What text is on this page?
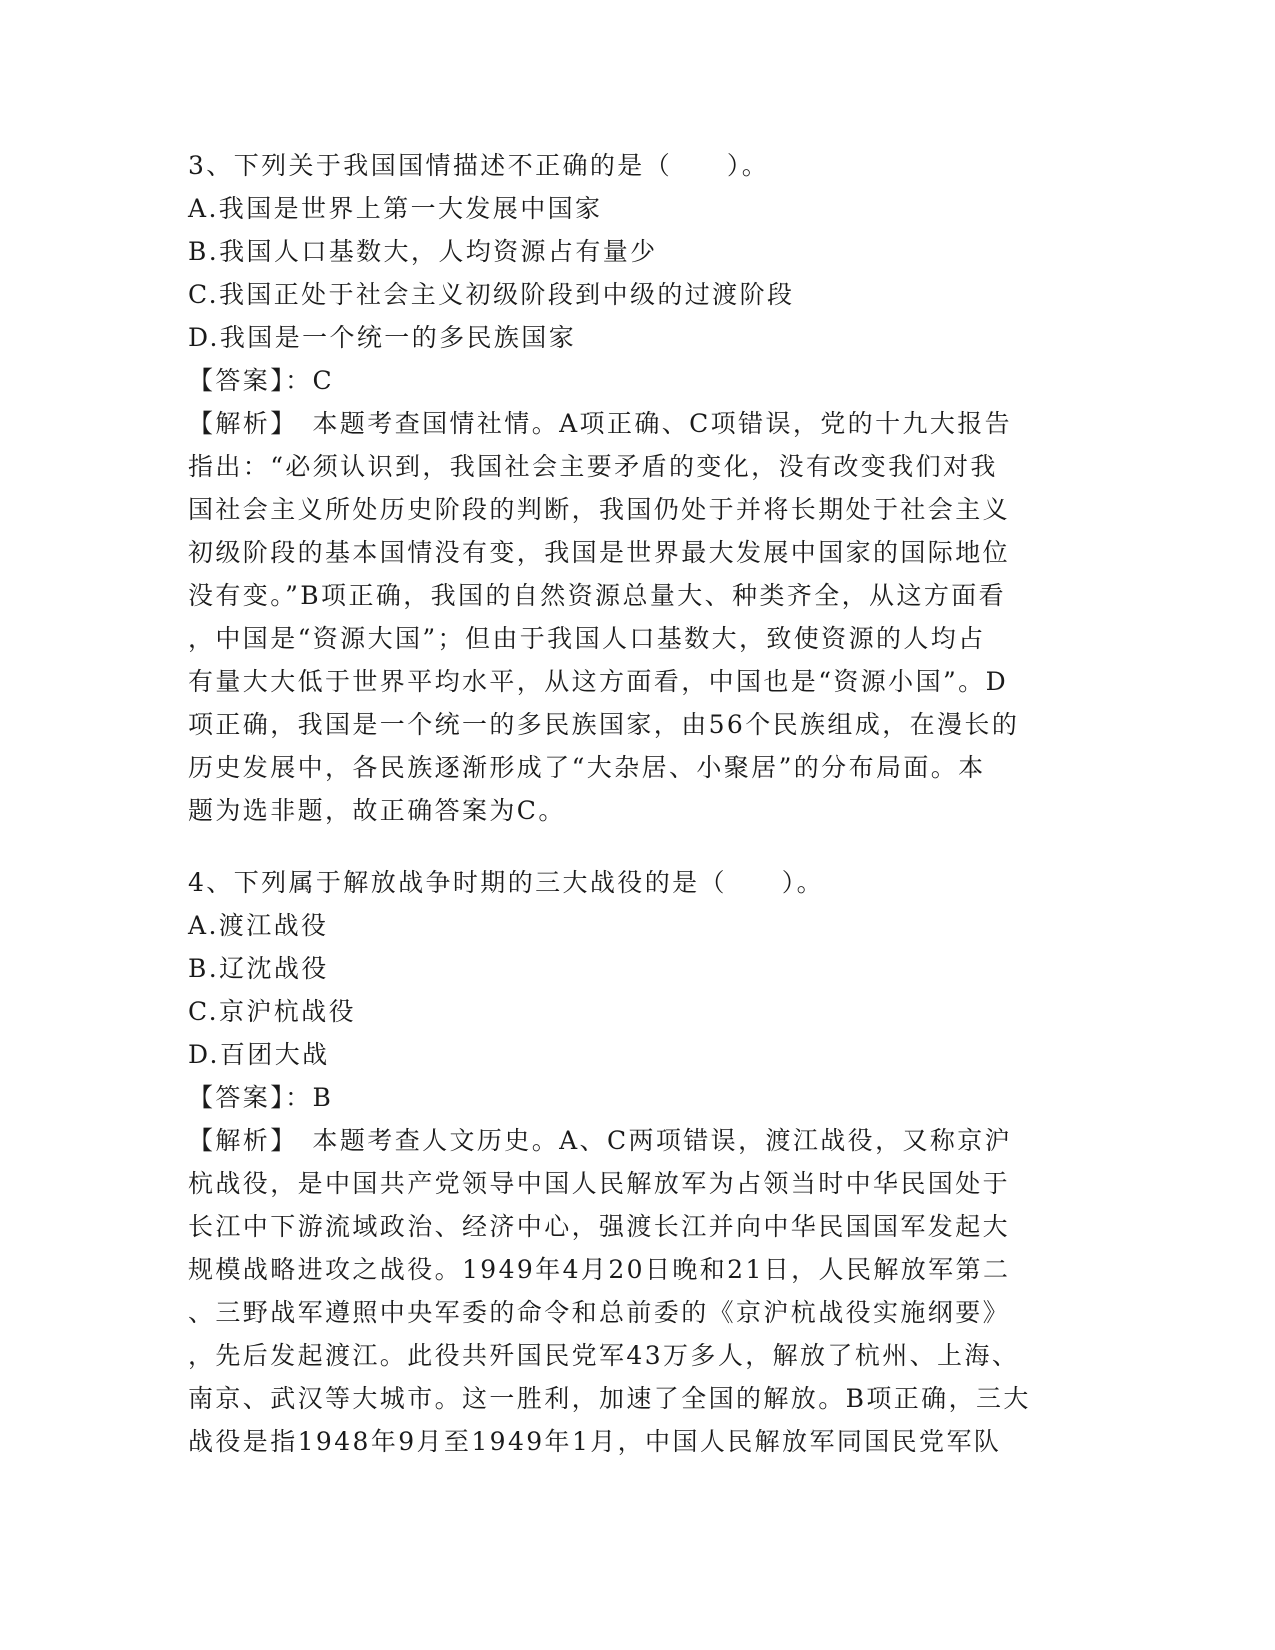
3、下列关于我国国情描述不正确的是（　　）。
A.我国是世界上第一大发展中国家
B.我国人口基数大，人均资源占有量少
C.我国正处于社会主义初级阶段到中级的过渡阶段
D.我国是一个统一的多民族国家
【答案】：C
【解析】　本题考查国情社情。A项正确、C项错误，党的十九大报告
指出：“必须认识到，我国社会主要矛盾的变化，没有改变我们对我
国社会主义所处历史阶段的判断，我国仍处于并将长期处于社会主义
初级阶段的基本国情没有变，我国是世界最大发展中国家的国际地位
没有变。”B项正确，我国的自然资源总量大、种类齐全，从这方面看
，中国是“资源大国”；但由于我国人口基数大，致使资源的人均占
有量大大低于世界平均水平，从这方面看，中国也是“资源小国”。D
项正确，我国是一个统一的多民族国家，由56个民族组成，在漫长的
历史发展中，各民族逐渐形成了“大杂居、小聚居”的分布局面。本
题为选非题，故正确答案为C。
4、下列属于解放战争时期的三大战役的是（　　）。
A.渡江战役
B.辽沈战役
C.京沪杭战役
D.百团大战
【答案】：B
【解析】　本题考查人文历史。A、C两项错误，渡江战役，又称京沪
杭战役，是中国共产党领导中国人民解放军为占领当时中华民国处于
长江中下游流域政治、经济中心，强渡长江并向中华民国国军发起大
规模战略进攻之战役。1949年4月20日晚和21日，人民解放军第二
、三野战军遵照中央军委的命令和总前委的《京沪杭战役实施纲要》
，先后发起渡江。此役共歼国民党军43万多人，解放了杭州、上海、
南京、武汉等大城市。这一胜利，加速了全国的解放。B项正确，三大
战役是指1948年9月至1949年1月，中国人民解放军同国民党军队
